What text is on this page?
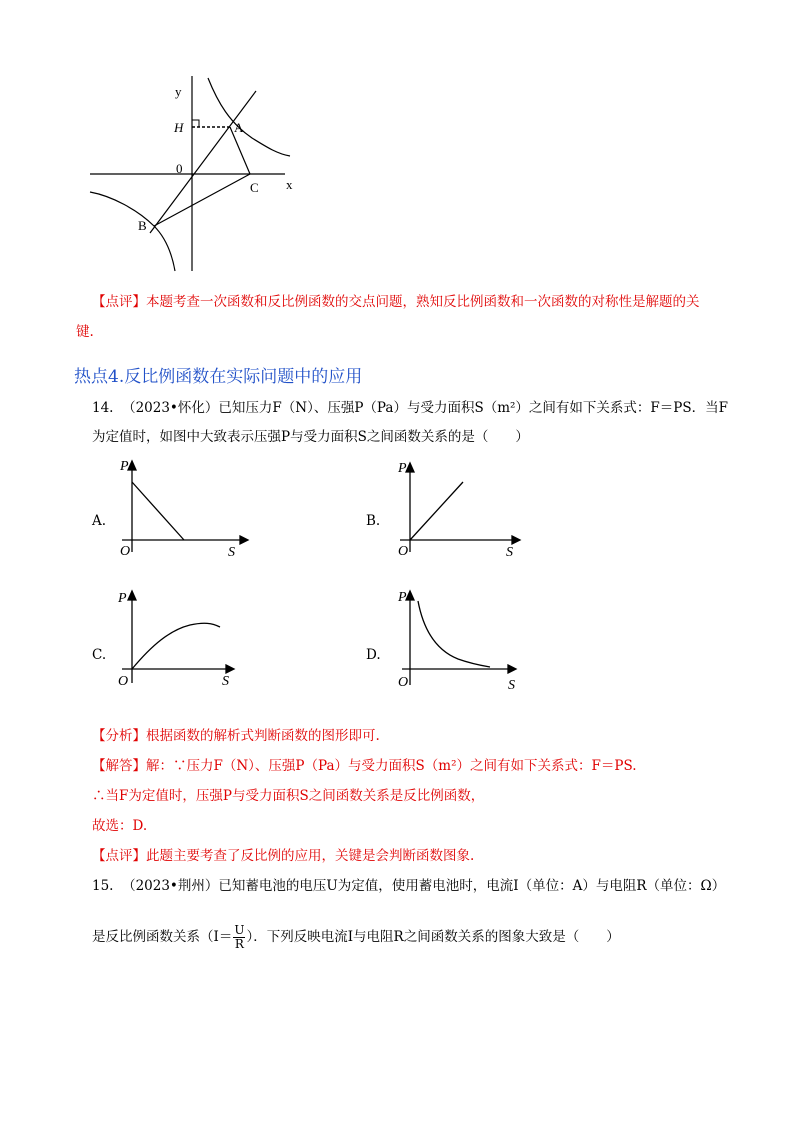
y
x
0
H	A
B
C
【点评】本题考查一次函数和反比例函数的交点问题，熟知反比例函数和一次函数的对称性是解题的关
键.
热点4.反比例函数在实际问题中的应用
14. （2023•怀化）已知压力F（N）、压强P（Pa）与受力面积S（m²）之间有如下关系式：F＝PS．当F
为定值时，如图中大致表示压强P与受力面积S之间函数关系的是（　　）
A.
P
S
O
B.
P
S
O
C.
P
S
O
D.
P
S
O
【分析】根据函数的解析式判断函数的图形即可.
【解答】解：∵压力F（N）、压强P（Pa）与受力面积S（m²）之间有如下关系式：F＝PS.
∴当F为定值时，压强P与受力面积S之间函数关系是反比例函数，
故选：D.
【点评】此题主要考查了反比例的应用，关键是会判断函数图象.
15. （2023•荆州）已知蓄电池的电压U为定值，使用蓄电池时，电流I（单位：A）与电阻R（单位：Ω）
是反比例函数关系（$I= \frac{U}{R}$ ）．下列反映电流I与电阻R之间函数关系的图象大致是（　　）
